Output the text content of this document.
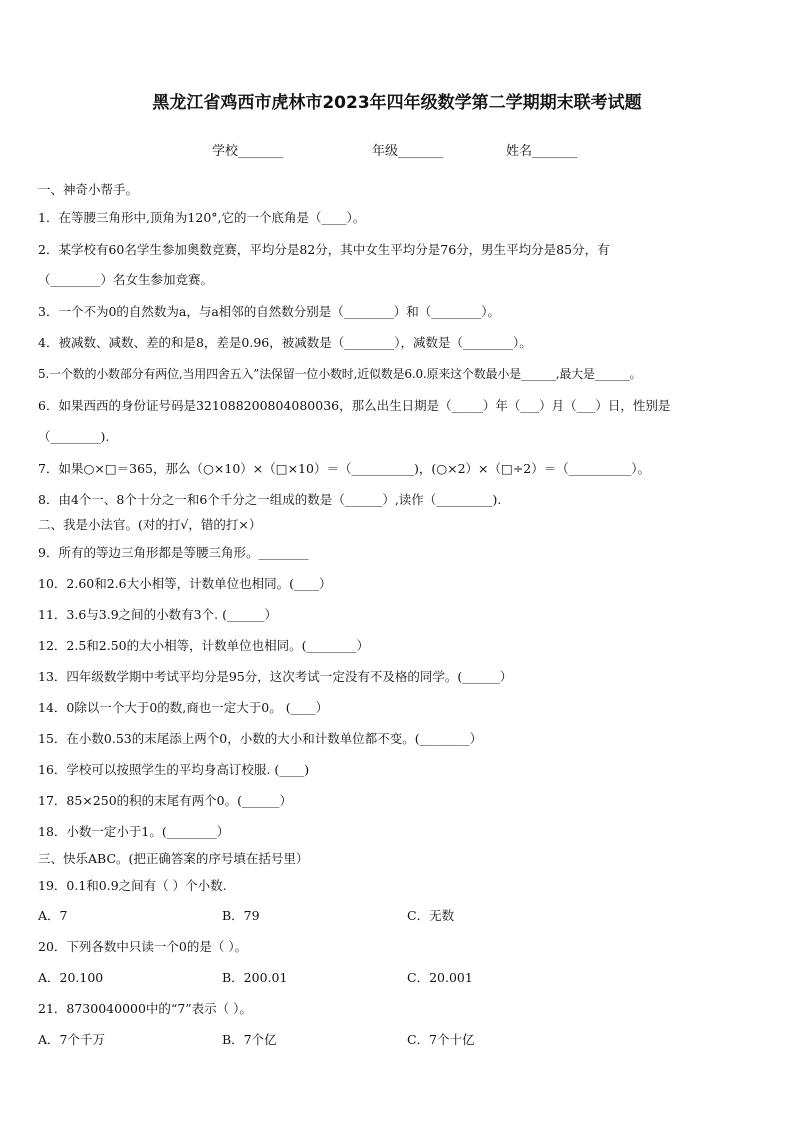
黑龙江省鸡西市虎林市2023年四年级数学第二学期期末联考试题
学校_______	年级_______	姓名_______
一、神奇小帮手。
1．在等腰三角形中,顶角为120°,它的一个底角是（____）。
2．某学校有60名学生参加奥数竞赛，平均分是82分，其中女生平均分是76分，男生平均分是85分，有
（________）名女生参加竞赛。
3．一个不为0的自然数为a，与a相邻的自然数分别是（________）和（________）。
4．被减数、减数、差的和是8，差是0.96，被减数是（________），减数是（________）。
5.一个数的小数部分有两位,当用四舍五入”法保留一位小数时,近似数是6.0.原来这个数最小是______,最大是______。
6．如果西西的身份证号码是321088200804080036，那么出生日期是（_____）年（___）月（___）日，性别是
（________).
7．如果○×□＝365，那么（○×10）×（□×10）＝（__________)，(○×2）×（□÷2）＝（__________）。
8．由4个一、8个十分之一和6个千分之一组成的数是（______）,读作（_________).
二、我是小法官。(对的打√，错的打×）
9．所有的等边三角形都是等腰三角形。________
10．2.60和2.6大小相等，计数单位也相同。(____）
11．3.6与3.9之间的小数有3个. (______）
12．2.5和2.50的大小相等，计数单位也相同。(________）
13．四年级数学期中考试平均分是95分，这次考试一定没有不及格的同学。(______）
14．0除以一个大于0的数,商也一定大于0。 (____）
15．在小数0.53的末尾添上两个0，小数的大小和计数单位都不变。(________）
16．学校可以按照学生的平均身高订校服. (____)
17．85×250的积的末尾有两个0。(______）
18．小数一定小于1。(________）
三、快乐ABC。(把正确答案的序号填在括号里）
19．0.1和0.9之间有（ ）个小数.
A．7	B．79	C．无数
20．下列各数中只读一个0的是（ ）。
A．20.100	B．200.01	C．20.001
21．8730040000中的“7”表示（ ）。
A．7个千万	B．7个亿	C．7个十亿
